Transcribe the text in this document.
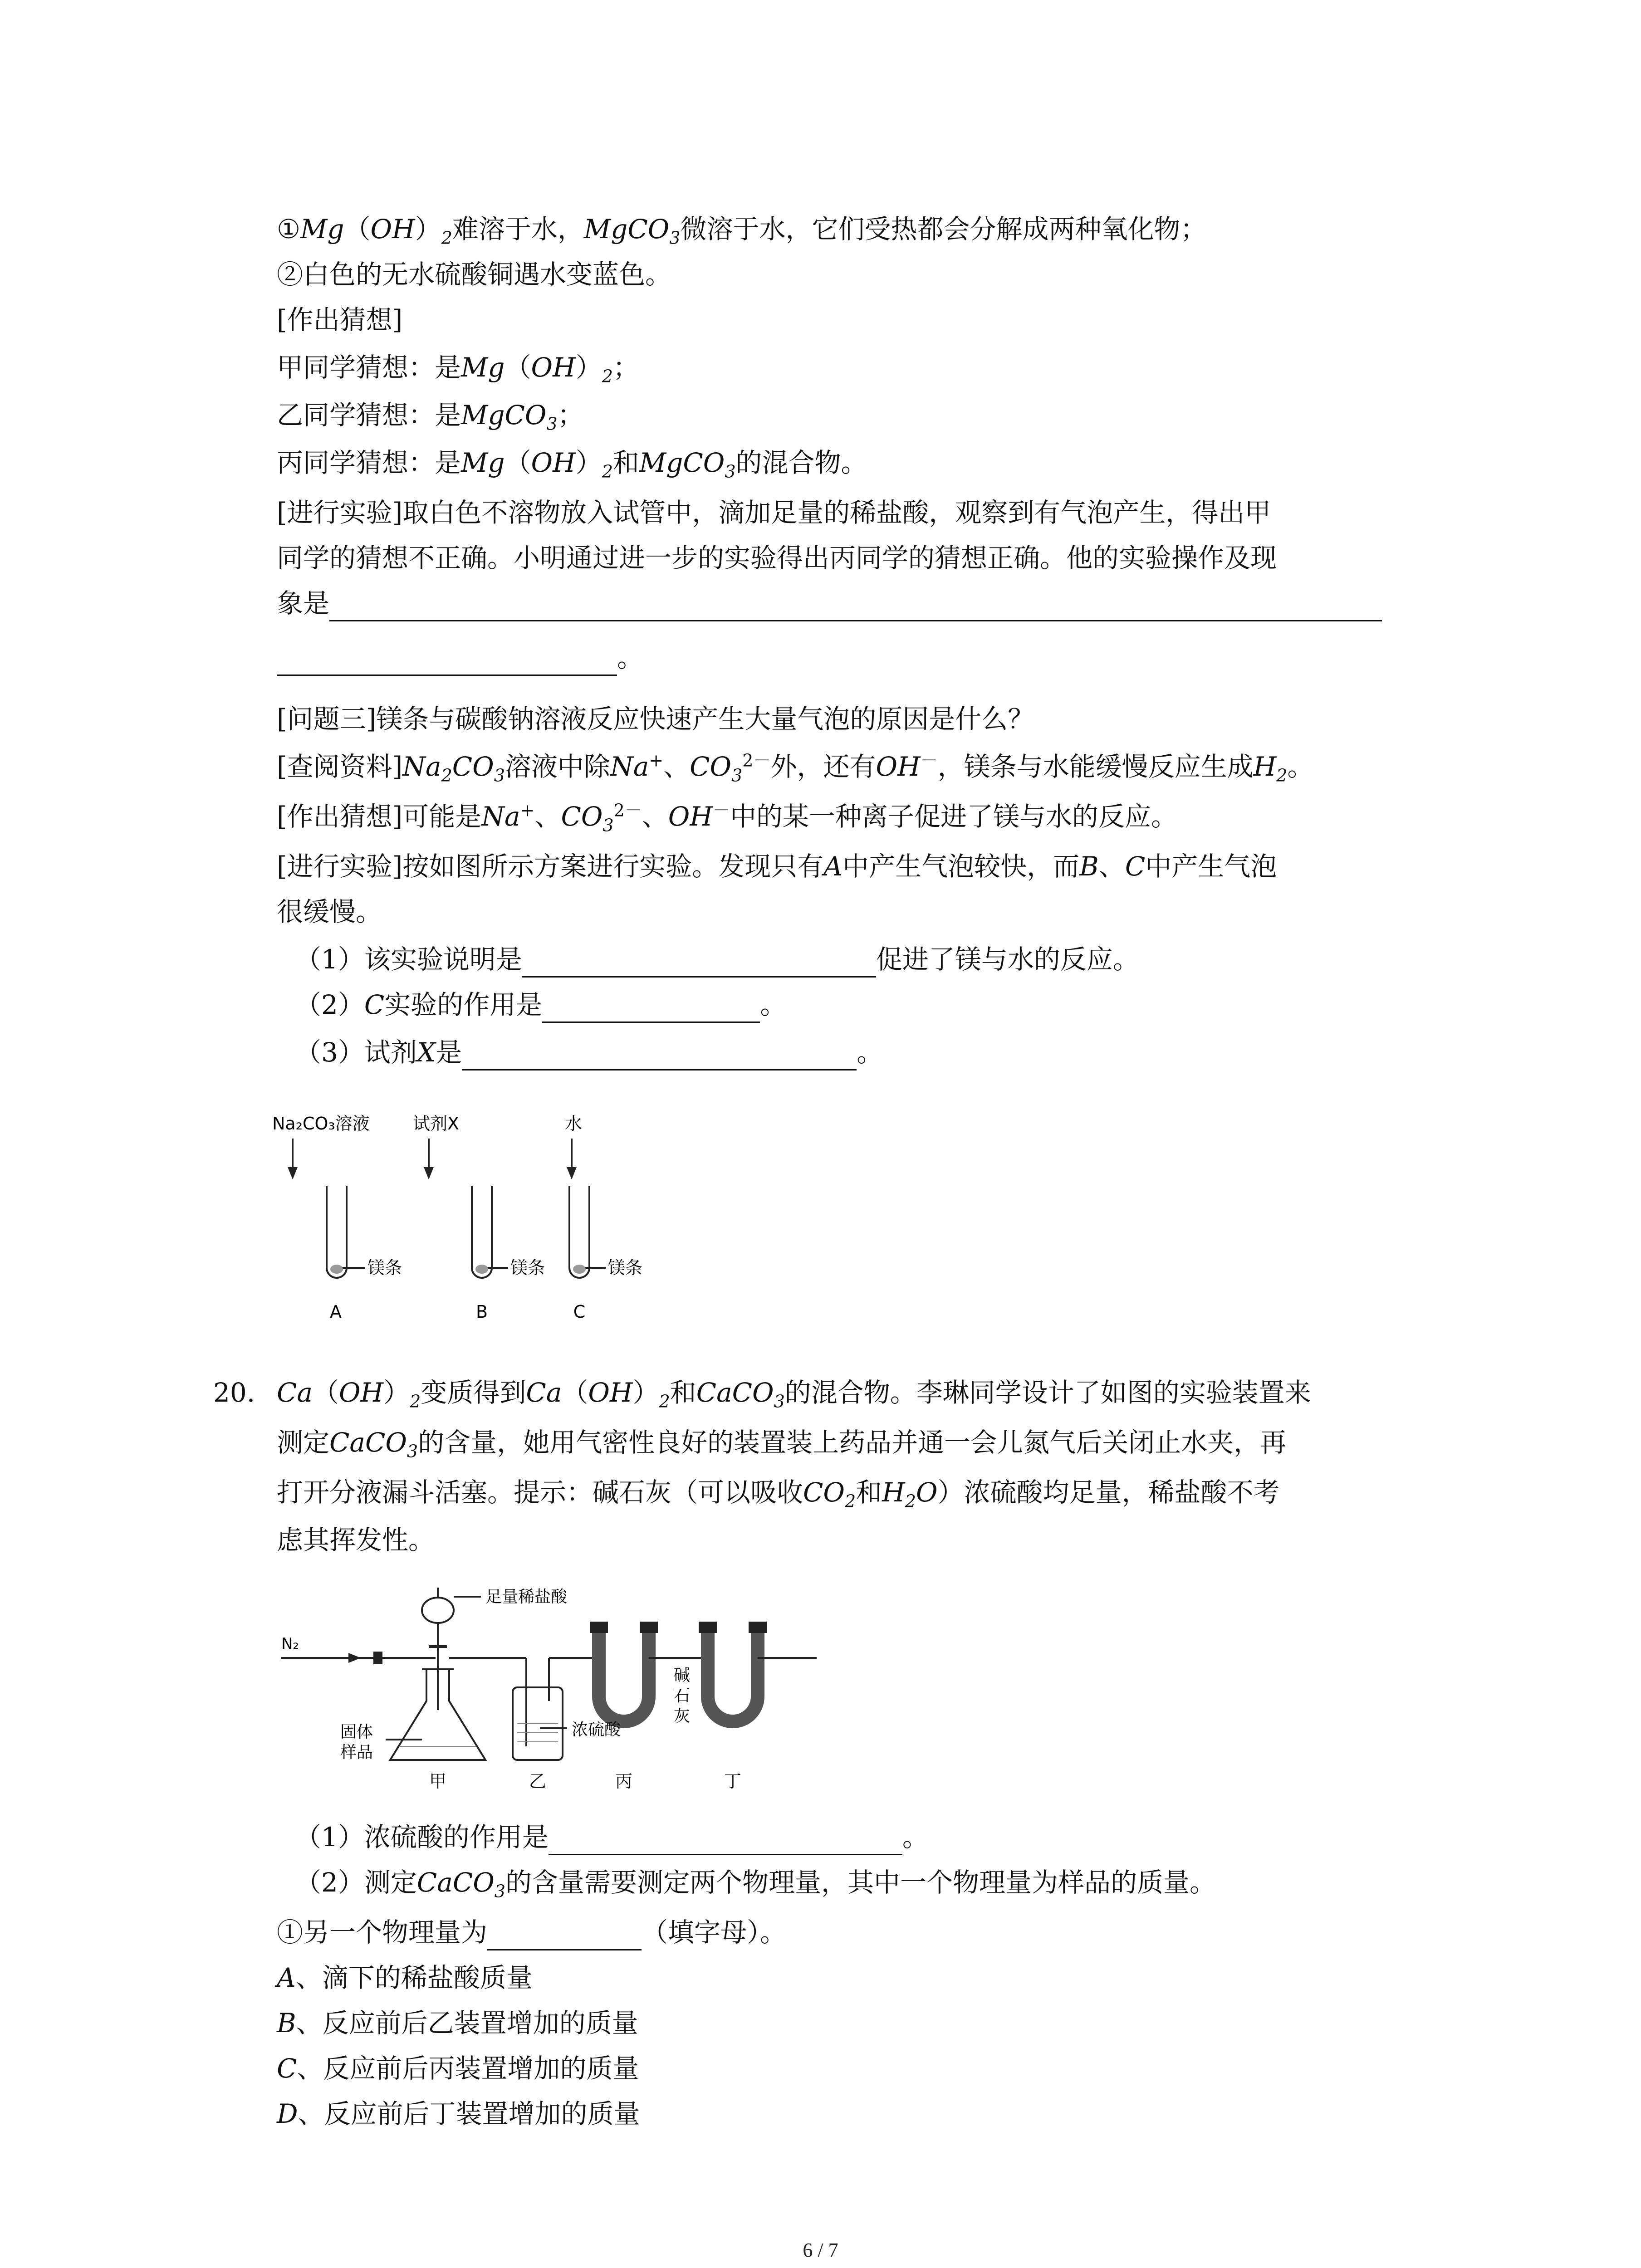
$①Mg(OH)_2$难溶于水，MgCO$_3$微溶于水，它们受热都会分解成两种氧化物；
②白色的无水硫酸铜遇水变蓝色。
[作出猜想]
甲同学猜想：是$Mg(OH)_2$；
乙同学猜想：是MgCO$_3$；
丙同学猜想：是$Mg(OH)_2$和MgCO$_3$的混合物。
[进行实验]取白色不溶物放入试管中，滴加足量的稀盐酸，观察到有气泡产生，得出甲
同学的猜想不正确。小明通过进一步的实验得出丙同学的猜想正确。他的实验操作及现
象是
。
[问题三]镁条与碳酸钠溶液反应快速产生大量气泡的原因是什么？
[查阅资料]$Na_2CO_3$溶液中除Na+、$CO_3^{2-}$外，还有OH－，镁条与水能缓慢反应生成$H_2$。
[作出猜想]可能是Na+、$CO_3^{2-}$、OH－中的某一种离子促进了镁与水的反应。
[进行实验]按如图所示方案进行实验。发现只有A中产生气泡较快，而B、C中产生气泡
很缓慢。
（1）该实验说明是	促进了镁与水的反应。
（2）C实验的作用是	。
（3）试剂X是	。
Na₂CO₃溶液	试剂X	水
镁条	镁条	镁条
A	B	C
20. $Ca(OH)_2$变质得到$Ca(OH)_2$和CaCO$_3$的混合物。李琳同学设计了如图的实验装置来
测定CaCO$_3$的含量，她用气密性良好的装置装上药品并通一会儿氮气后关闭止水夹，再
打开分液漏斗活塞。提示：碱石灰（可以吸收$CO_2$和$H_2O$）浓硫酸均足量，稀盐酸不考
虑其挥发性。
N₂
足量稀盐酸
固体
样品
浓硫酸
碱
石
灰
甲	乙	丙	丁
（1）浓硫酸的作用是	。
（2）测定CaCO$_3$的含量需要测定两个物理量，其中一个物理量为样品的质量。
①另一个物理量为	（填字母）。
A、滴下的稀盐酸质量
B、反应前后乙装置增加的质量
C、反应前后丙装置增加的质量
D、反应前后丁装置增加的质量
6 / 7
